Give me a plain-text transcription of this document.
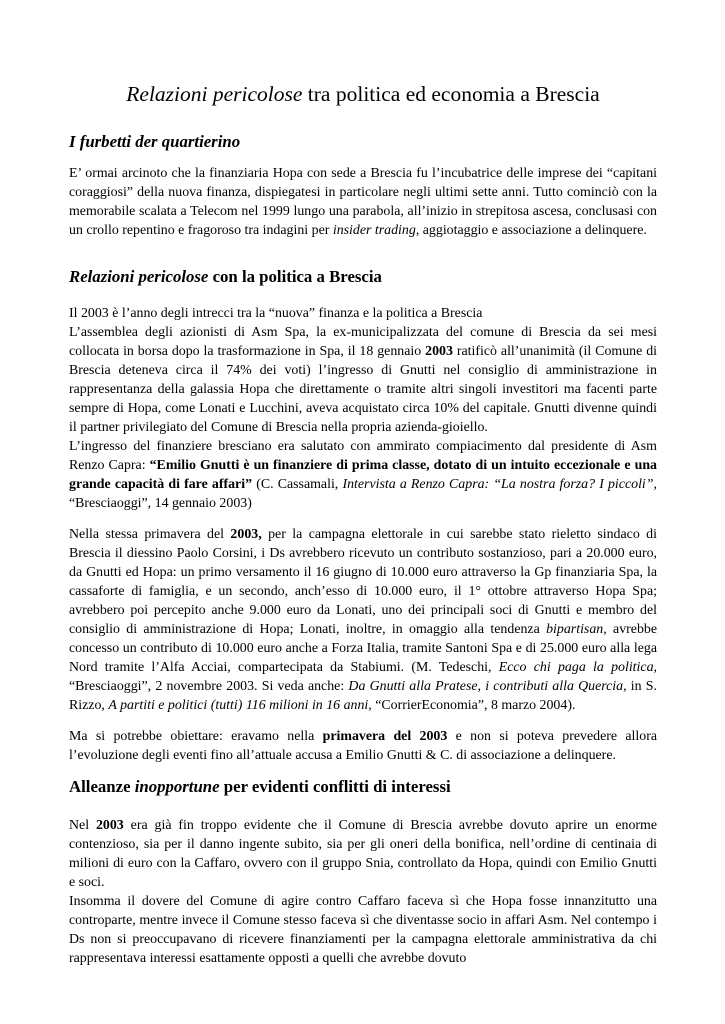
Relazioni pericolose tra politica ed economia a Brescia
I furbetti der quartierino

E’ ormai arcinoto che la finanziaria Hopa con sede a Brescia fu l’incubatrice delle imprese dei “capitani coraggiosi” della nuova finanza, dispiegatesi in particolare negli ultimi sette anni. Tutto cominciò con la memorabile scalata a Telecom nel 1999 lungo una parabola, all’inizio in strepitosa ascesa, conclusasi con un crollo repentino e fragoroso tra indagini per insider trading, aggiotaggio e associazione a delinquere.

Relazioni pericolose con la politica a Brescia

Il 2003 è l’anno degli intrecci tra la “nuova” finanza e la politica a Brescia

L’assemblea degli azionisti di Asm Spa, la ex-municipalizzata del comune di Brescia da sei mesi collocata in borsa dopo la trasformazione in Spa, il 18 gennaio 2003 ratificò all’unanimità (il Comune di Brescia deteneva circa il 74% dei voti) l’ingresso di Gnutti nel consiglio di amministrazione in rappresentanza della galassia Hopa che direttamente o tramite altri singoli investitori ma facenti parte sempre di Hopa, come Lonati e Lucchini, aveva acquistato circa 10% del capitale. Gnutti divenne quindi il partner privilegiato del Comune di Brescia nella propria azienda-gioiello.

L’ingresso del finanziere bresciano era salutato con ammirato compiacimento dal presidente di Asm Renzo Capra: “Emilio Gnutti è un finanziere di prima classe, dotato di un intuito eccezionale e una grande capacità di fare affari” (C. Cassamali, Intervista a Renzo Capra: “La nostra forza? I piccoli”, “Bresciaoggi”, 14 gennaio 2003)

Nella stessa primavera del 2003, per la campagna elettorale in cui sarebbe stato rieletto sindaco di Brescia il diessino Paolo Corsini, i Ds avrebbero ricevuto un contributo sostanzioso, pari a 20.000 euro, da Gnutti ed Hopa: un primo versamento il 16 giugno di 10.000 euro attraverso la Gp finanziaria Spa, la cassaforte di famiglia, e un secondo, anch’esso di 10.000 euro, il 1° ottobre attraverso Hopa Spa; avrebbero poi percepito anche 9.000 euro da Lonati, uno dei principali soci di Gnutti e membro del consiglio di amministrazione di Hopa; Lonati, inoltre, in omaggio alla tendenza bipartisan, avrebbe concesso un contributo di 10.000 euro anche a Forza Italia, tramite Santoni Spa e di 25.000 euro alla lega Nord tramite l’Alfa Acciai, compartecipata da Stabiumi. (M. Tedeschi, Ecco chi paga la politica, “Bresciaoggi”, 2 novembre 2003. Si veda anche: Da Gnutti alla Pratese, i contributi alla Quercia, in S. Rizzo, A partiti e politici (tutti) 116 milioni in 16 anni, “CorrierEconomia”, 8 marzo 2004).

Ma si potrebbe obiettare: eravamo nella primavera del 2003 e non si poteva prevedere allora l’evoluzione degli eventi fino all’attuale accusa a Emilio Gnutti & C. di associazione a delinquere.

Alleanze inopportune per evidenti conflitti di interessi

Nel 2003 era già fin troppo evidente che il Comune di Brescia avrebbe dovuto aprire un enorme contenzioso, sia per il danno ingente subito, sia per gli oneri della bonifica, nell’ordine di centinaia di milioni di euro con la Caffaro, ovvero con il gruppo Snia, controllato da Hopa, quindi con Emilio Gnutti e soci.

Insomma il dovere del Comune di agire contro Caffaro faceva sì che Hopa fosse innanzitutto una controparte, mentre invece il Comune stesso faceva sì che diventasse socio in affari Asm. Nel contempo i Ds non si preoccupavano di ricevere finanziamenti per la campagna elettorale amministrativa da chi rappresentava interessi esattamente opposti a quelli che avrebbe dovuto
